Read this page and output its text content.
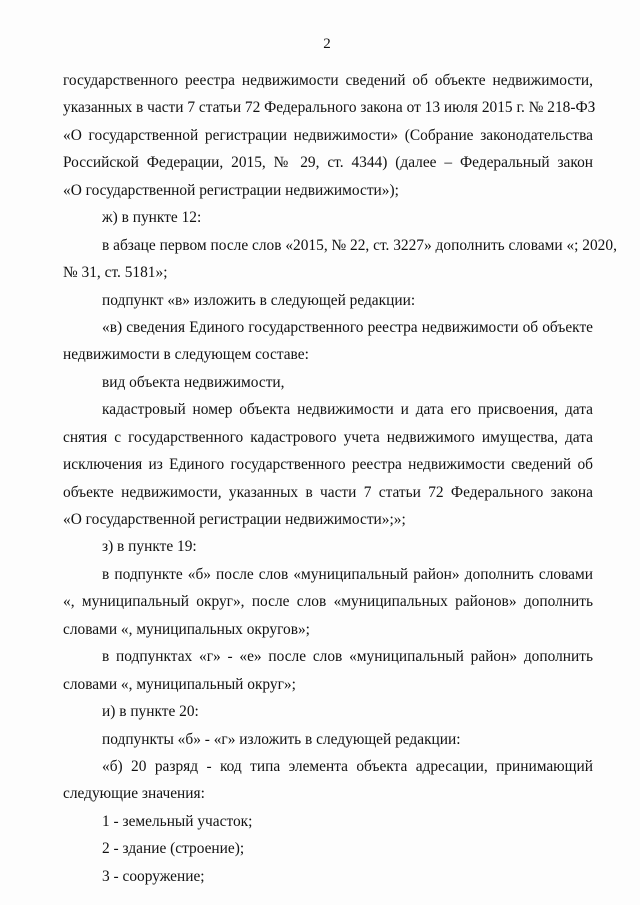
2
государственного реестра недвижимости сведений об объекте недвижимости,
указанных в части 7 статьи 72 Федерального закона от 13 июля 2015 г. № 218-ФЗ
«О государственной регистрации недвижимости» (Собрание законодательства
Российской Федерации, 2015, № 29, ст. 4344) (далее – Федеральный закон
«О государственной регистрации недвижимости»);
ж) в пункте 12:
в абзаце первом после слов «2015, № 22, ст. 3227» дополнить словами «; 2020,
№ 31, ст. 5181»;
подпункт «в» изложить в следующей редакции:
«в) сведения Единого государственного реестра недвижимости об объекте
недвижимости в следующем составе:
вид объекта недвижимости,
кадастровый номер объекта недвижимости и дата его присвоения, дата
снятия с государственного кадастрового учета недвижимого имущества, дата
исключения из Единого государственного реестра недвижимости сведений об
объекте недвижимости, указанных в части 7 статьи 72 Федерального закона
«О государственной регистрации недвижимости»;»;
з) в пункте 19:
в подпункте «б» после слов «муниципальный район» дополнить словами
«, муниципальный округ», после слов «муниципальных районов» дополнить
словами «, муниципальных округов»;
в подпунктах «г» - «е» после слов «муниципальный район» дополнить
словами «, муниципальный округ»;
и) в пункте 20:
подпункты «б» - «г» изложить в следующей редакции:
«б) 20 разряд - код типа элемента объекта адресации, принимающий
следующие значения:
1 - земельный участок;
2 - здание (строение);
3 - сооружение;
